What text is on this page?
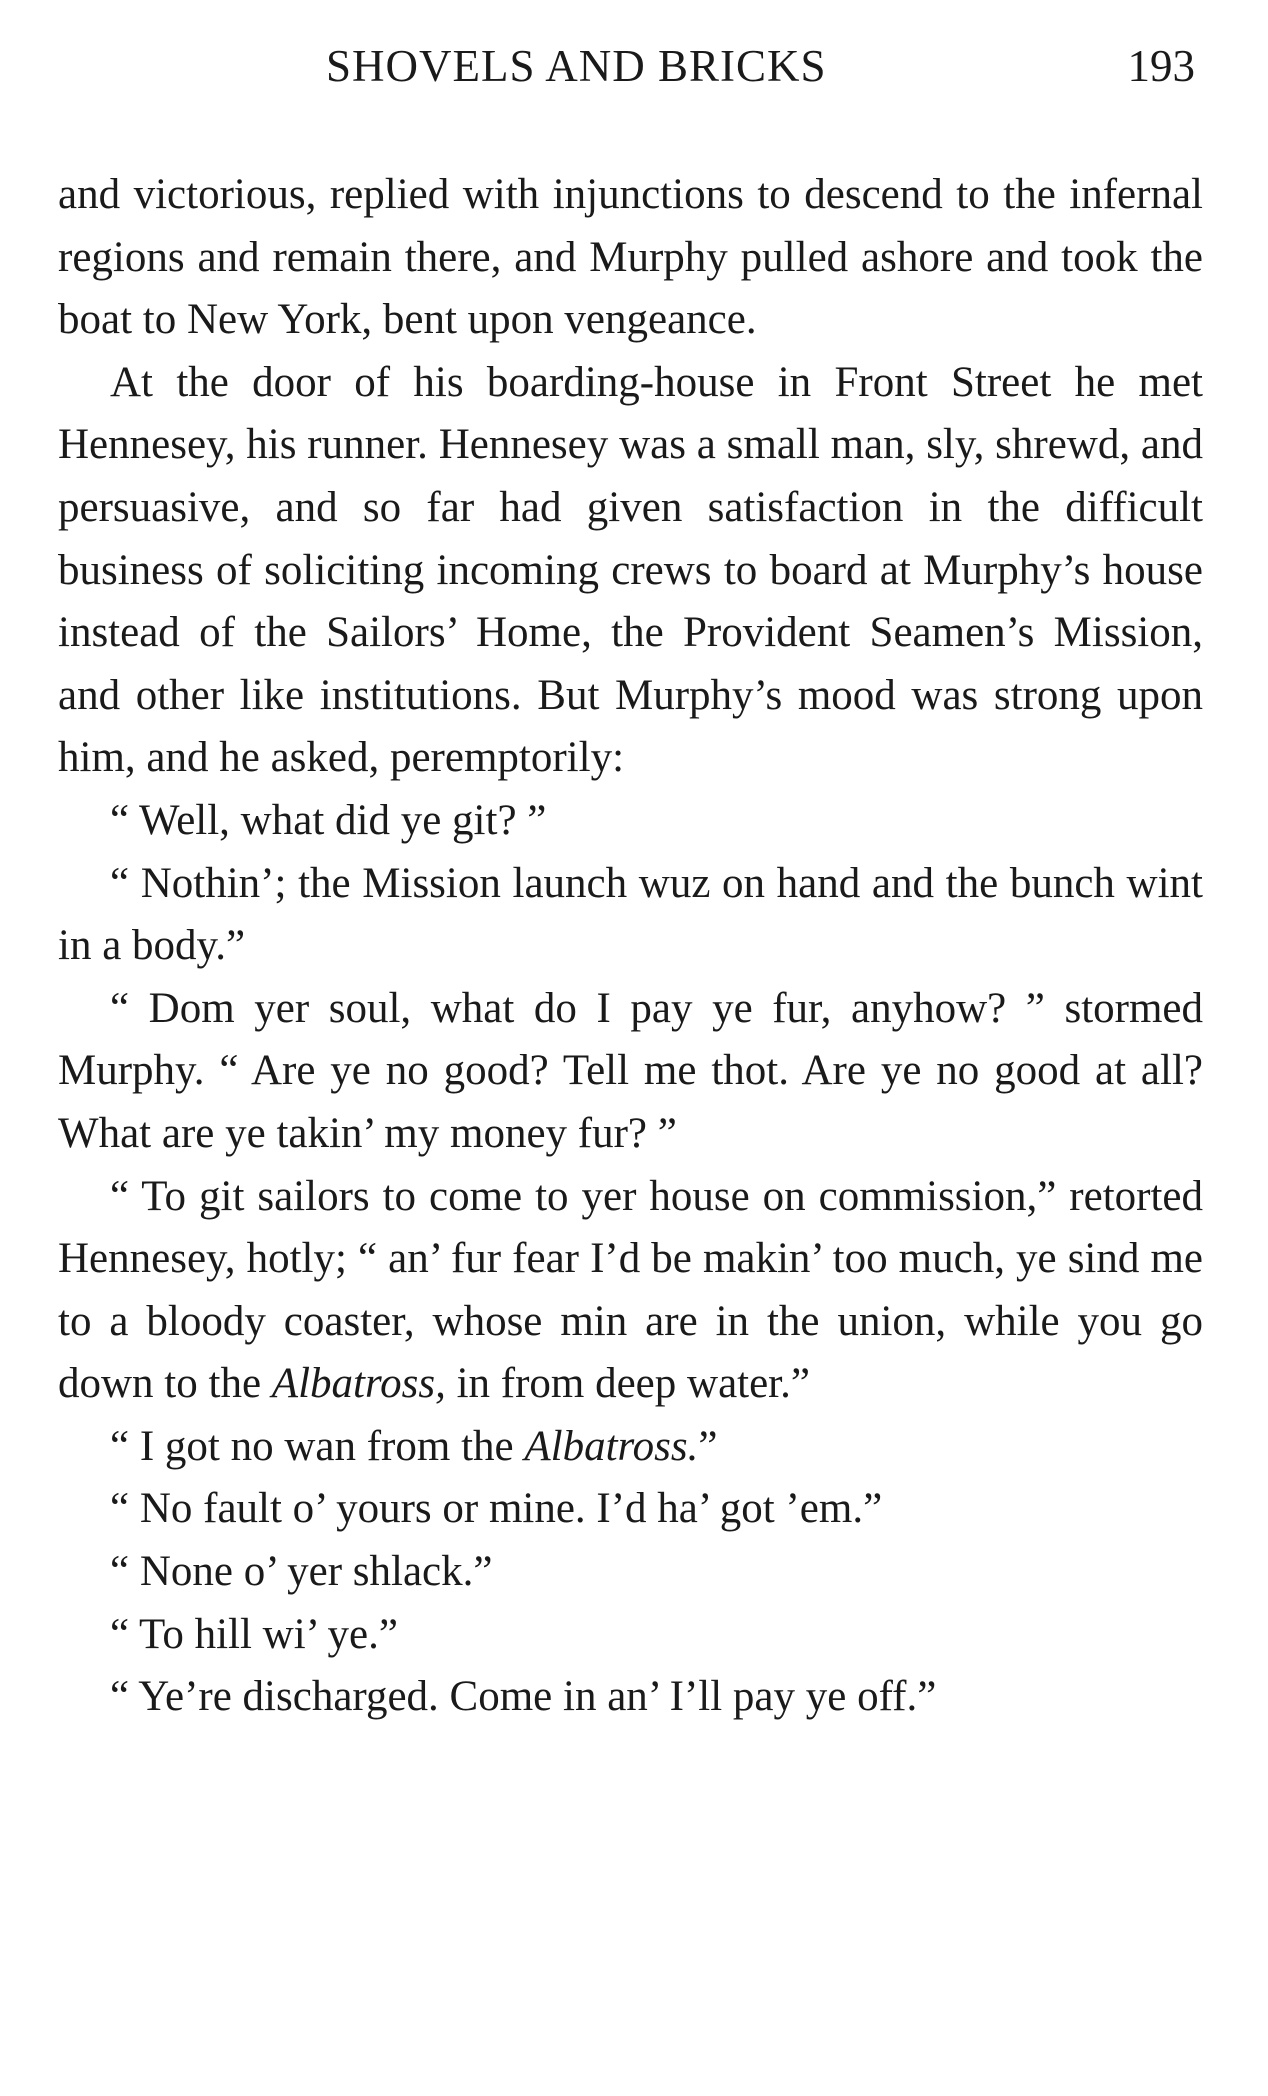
SHOVELS AND BRICKS	193

and victorious, replied with injunctions to descend to the infernal regions and remain there, and Murphy pulled ashore and took the boat to New York, bent upon vengeance.

At the door of his boarding-house in Front Street he met Hennesey, his runner. Hennesey was a small man, sly, shrewd, and persuasive, and so far had given satisfaction in the difficult business of soliciting incoming crews to board at Murphy’s house instead of the Sailors’ Home, the Provident Seamen’s Mission, and other like institutions. But Murphy’s mood was strong upon him, and he asked, peremptorily:

“ Well, what did ye git? ”

“ Nothin’; the Mission launch wuz on hand and the bunch wint in a body.”

“ Dom yer soul, what do I pay ye fur, anyhow? ” stormed Murphy. “ Are ye no good? Tell me thot. Are ye no good at all? What are ye takin’ my money fur? ”

“ To git sailors to come to yer house on commission,” retorted Hennesey, hotly; “ an’ fur fear I’d be makin’ too much, ye sind me to a bloody coaster, whose min are in the union, while you go down to the Albatross, in from deep water.”

“ I got no wan from the Albatross.”

“ No fault o’ yours or mine. I’d ha’ got ’em.”

“ None o’ yer shlack.”

“ To hill wi’ ye.”

“ Ye’re discharged. Come in an’ I’ll pay ye off.”
